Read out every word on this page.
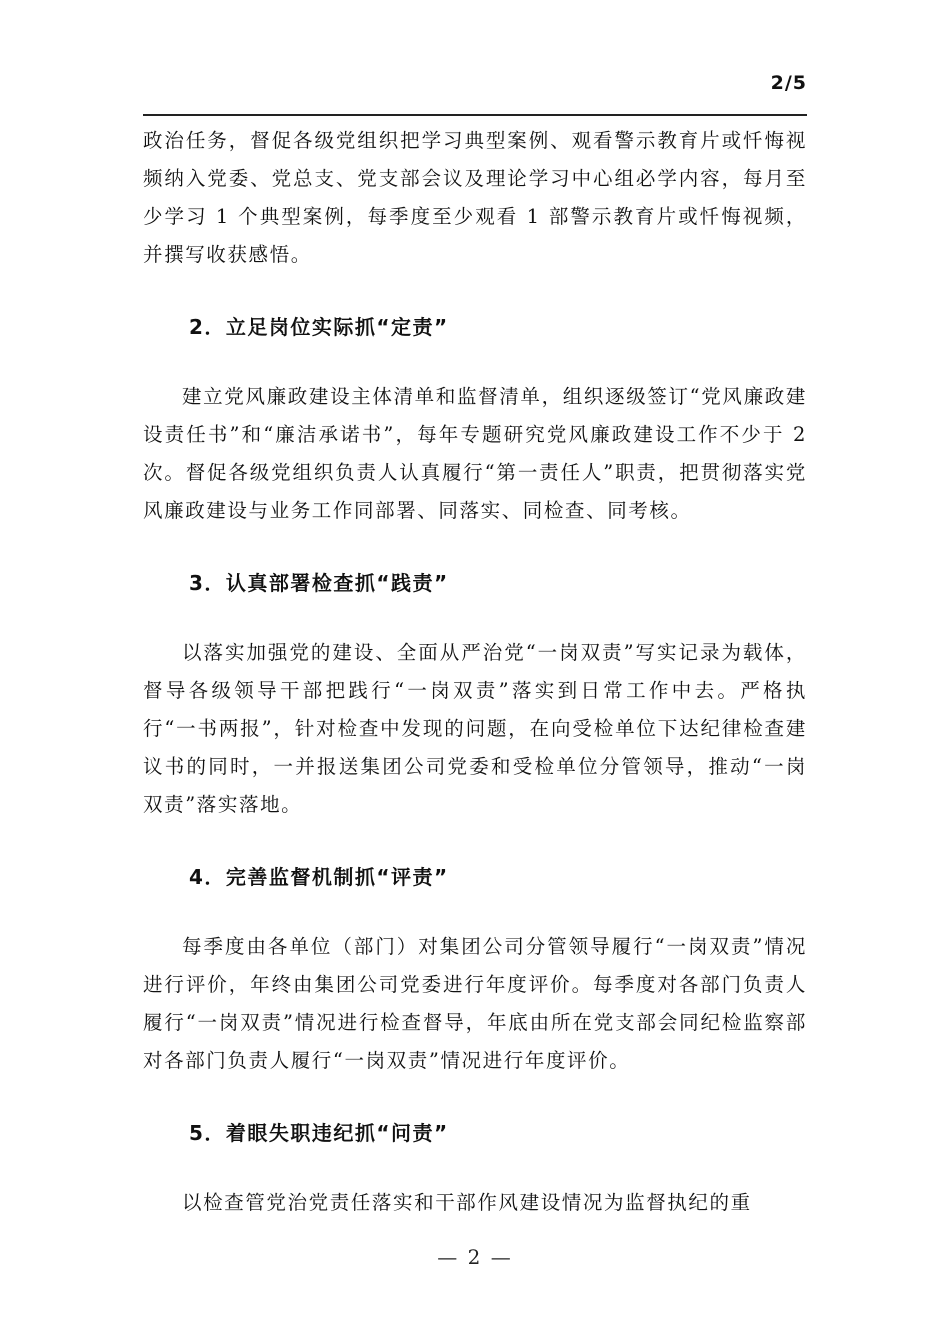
2/5

政治任务，督促各级党组织把学习典型案例、观看警示教育片或忏悔视频纳入党委、党总支、党支部会议及理论学习中心组必学内容，每月至少学习 1 个典型案例，每季度至少观看 1 部警示教育片或忏悔视频，并撰写收获感悟。

2．立足岗位实际抓“定责”

建立党风廉政建设主体清单和监督清单，组织逐级签订“党风廉政建设责任书”和“廉洁承诺书”，每年专题研究党风廉政建设工作不少于 2 次。督促各级党组织负责人认真履行“第一责任人”职责，把贯彻落实党风廉政建设与业务工作同部署、同落实、同检查、同考核。

3．认真部署检查抓“践责”

以落实加强党的建设、全面从严治党“一岗双责”写实记录为载体，督导各级领导干部把践行“一岗双责”落实到日常工作中去。严格执行“一书两报”，针对检查中发现的问题，在向受检单位下达纪律检查建议书的同时，一并报送集团公司党委和受检单位分管领导，推动“一岗双责”落实落地。

4．完善监督机制抓“评责”

每季度由各单位（部门）对集团公司分管领导履行“一岗双责”情况进行评价，年终由集团公司党委进行年度评价。每季度对各部门负责人履行“一岗双责”情况进行检查督导，年底由所在党支部会同纪检监察部对各部门负责人履行“一岗双责”情况进行年度评价。

5．着眼失职违纪抓“问责”

以检查管党治党责任落实和干部作风建设情况为监督执纪的重

— 2 —
